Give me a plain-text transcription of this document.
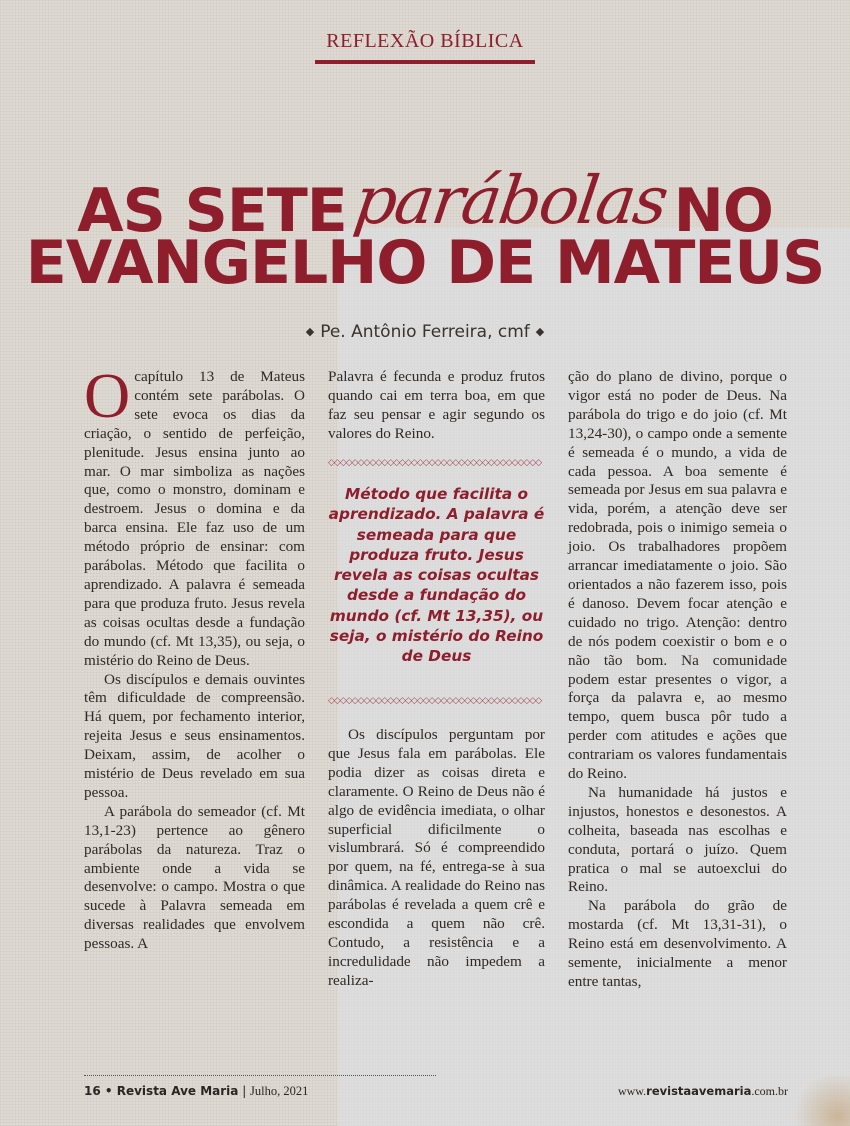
REFLEXÃO BÍBLICA
AS SETEparábolasNO
EVANGELHO DE MATEUS
◆ Pe. Antônio Ferreira, cmf ◆

Ocapítulo 13 de Mateus contém sete parábolas. O sete evoca os dias da criação, o sentido de perfeição, plenitude. Jesus ensina junto ao mar. O mar simboliza as nações que, como o monstro, dominam e destroem. Jesus o domina e da barca ensina. Ele faz uso de um método próprio de ensinar: com parábolas. Método que facilita o aprendizado. A palavra é semeada para que produza fruto. Jesus revela as coisas ocultas desde a fundação do mundo (cf. Mt 13,35), ou seja, o mistério do Reino de Deus.

Os discípulos e demais ouvintes têm dificuldade de compreensão. Há quem, por fechamento interior, rejeita Jesus e seus ensinamentos. Deixam, assim, de acolher o mistério de Deus revelado em sua pessoa.

A parábola do semeador (cf. Mt 13,1-23) pertence ao gênero parábolas da natureza. Traz o ambiente onde a vida se desenvolve: o campo. Mostra o que sucede à Palavra semeada em diversas realidades que envolvem pessoas. A

Palavra é fecunda e produz frutos quando cai em terra boa, em que faz seu pensar e agir segundo os valores do Reino.

◇◇◇◇◇◇◇◇◇◇◇◇◇◇◇◇◇◇◇◇◇◇◇◇◇◇◇◇◇◇◇◇◇◇◇◇
Método que facilita o aprendizado. A palavra é semeada para que produza fruto. Jesus revela as coisas ocultas desde a fundação do mundo (cf. Mt 13,35), ou seja, o mistério do Reino de Deus
◇◇◇◇◇◇◇◇◇◇◇◇◇◇◇◇◇◇◇◇◇◇◇◇◇◇◇◇◇◇◇◇◇◇◇◇

Os discípulos perguntam por que Jesus fala em parábolas. Ele podia dizer as coisas direta e claramente. O Reino de Deus não é algo de evidência imediata, o olhar superficial dificilmente o vislumbrará. Só é compreendido por quem, na fé, entrega-se à sua dinâmica. A realidade do Reino nas parábolas é revelada a quem crê e escondida a quem não crê. Contudo, a resistência e a incredulidade não impedem a realiza-

ção do plano de divino, porque o vigor está no poder de Deus. Na parábola do trigo e do joio (cf. Mt 13,24-30), o campo onde a semente é semeada é o mundo, a vida de cada pessoa. A boa semente é semeada por Jesus em sua palavra e vida, porém, a atenção deve ser redobrada, pois o inimigo semeia o joio. Os trabalhadores propõem arrancar imediatamente o joio. São orientados a não fazerem isso, pois é danoso. Devem focar atenção e cuidado no trigo. Atenção: dentro de nós podem coexistir o bom e o não tão bom. Na comunidade podem estar presentes o vigor, a força da palavra e, ao mesmo tempo, quem busca pôr tudo a perder com atitudes e ações que contrariam os valores fundamentais do Reino.

Na humanidade há justos e injustos, honestos e desonestos. A colheita, baseada nas escolhas e conduta, portará o juízo. Quem pratica o mal se autoexclui do Reino.

Na parábola do grão de mostarda (cf. Mt 13,31-31), o Reino está em desenvolvimento. A semente, inicialmente a menor entre tantas,

16 • Revista Ave Maria | Julho, 2021	www.revistaavemaria.com.br
